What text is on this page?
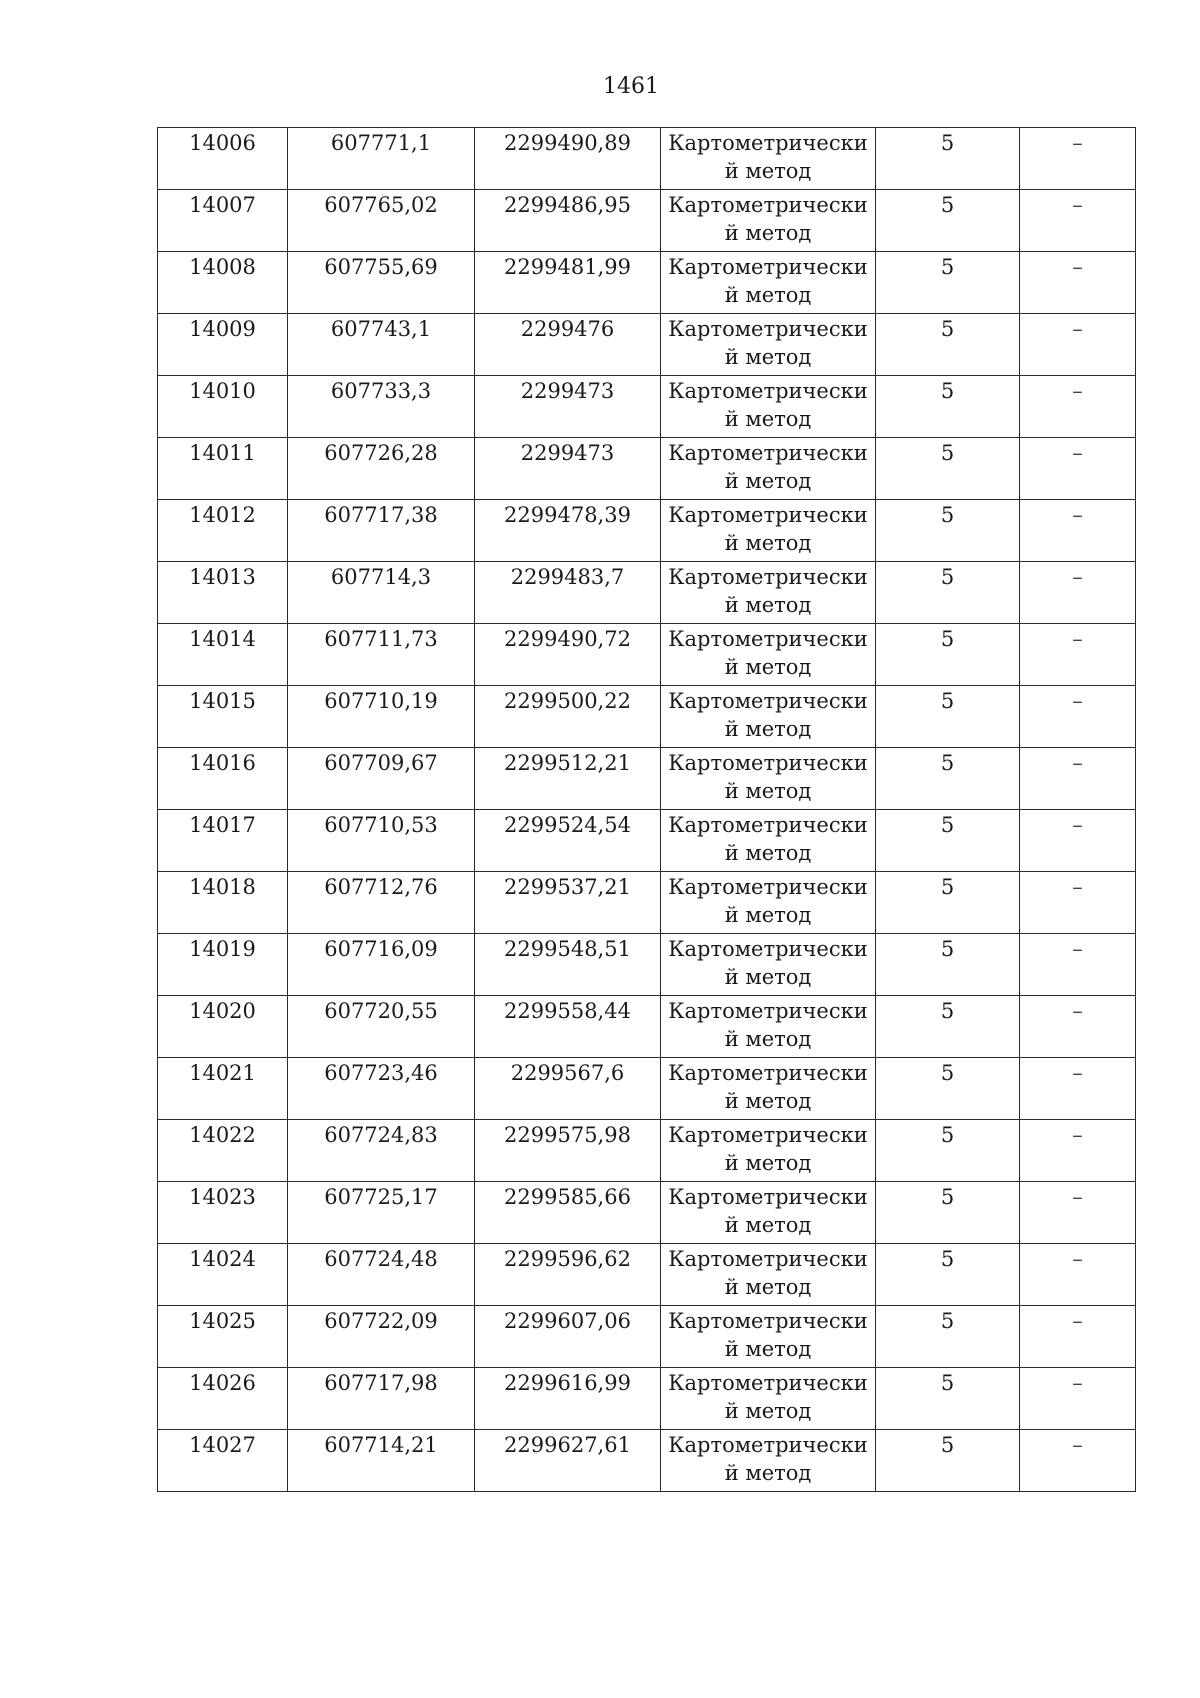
1461
14006	607771,1	2299490,89	Картометрически
й метод	5	–
14007	607765,02	2299486,95	Картометрически
й метод	5	–
14008	607755,69	2299481,99	Картометрически
й метод	5	–
14009	607743,1	2299476	Картометрически
й метод	5	–
14010	607733,3	2299473	Картометрически
й метод	5	–
14011	607726,28	2299473	Картометрически
й метод	5	–
14012	607717,38	2299478,39	Картометрически
й метод	5	–
14013	607714,3	2299483,7	Картометрически
й метод	5	–
14014	607711,73	2299490,72	Картометрически
й метод	5	–
14015	607710,19	2299500,22	Картометрически
й метод	5	–
14016	607709,67	2299512,21	Картометрически
й метод	5	–
14017	607710,53	2299524,54	Картометрически
й метод	5	–
14018	607712,76	2299537,21	Картометрически
й метод	5	–
14019	607716,09	2299548,51	Картометрически
й метод	5	–
14020	607720,55	2299558,44	Картометрически
й метод	5	–
14021	607723,46	2299567,6	Картометрически
й метод	5	–
14022	607724,83	2299575,98	Картометрически
й метод	5	–
14023	607725,17	2299585,66	Картометрически
й метод	5	–
14024	607724,48	2299596,62	Картометрически
й метод	5	–
14025	607722,09	2299607,06	Картометрически
й метод	5	–
14026	607717,98	2299616,99	Картометрически
й метод	5	–
14027	607714,21	2299627,61	Картометрически
й метод	5	–
